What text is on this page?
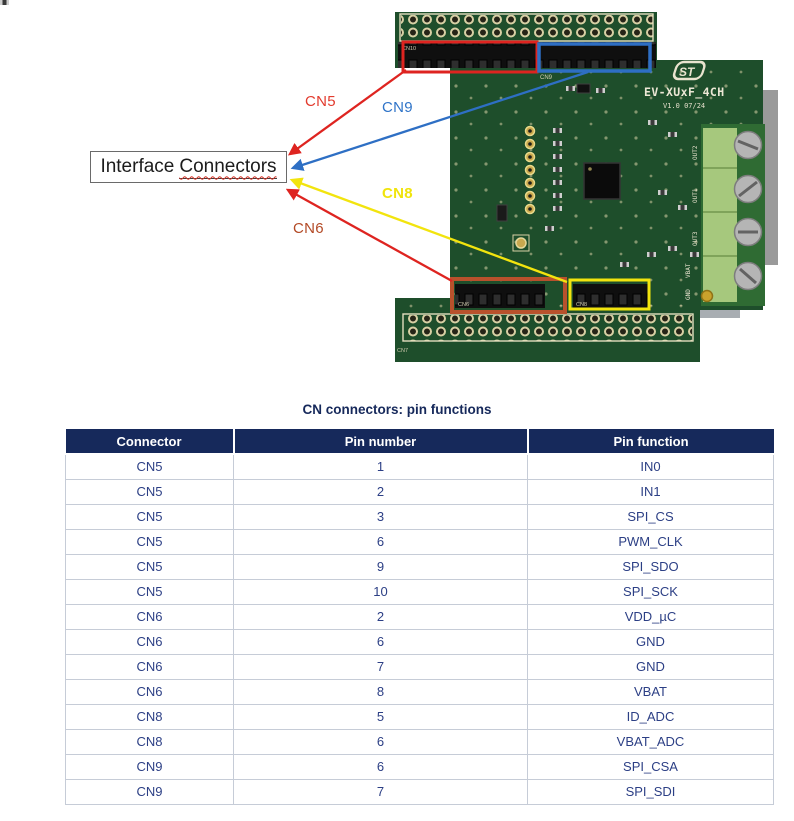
CN10
CN9	ST
EV-XUxF_4CH
V1.0 07/24
OUT2
OUT1
OUT3
VBAT
GND
CN6	CN8
CN7
Interface Connectors
CN5	CN9
CN8
CN6
CN connectors: pin functions
Connector	Pin number	Pin function
CN5	1	IN0
CN5	2	IN1
CN5	3	SPI_CS
CN5	6	PWM_CLK
CN5	9	SPI_SDO
CN5	10	SPI_SCK
CN6	2	VDD_µC
CN6	6	GND
CN6	7	GND
CN6	8	VBAT
CN8	5	ID_ADC
CN8	6	VBAT_ADC
CN9	6	SPI_CSA
CN9	7	SPI_SDI
